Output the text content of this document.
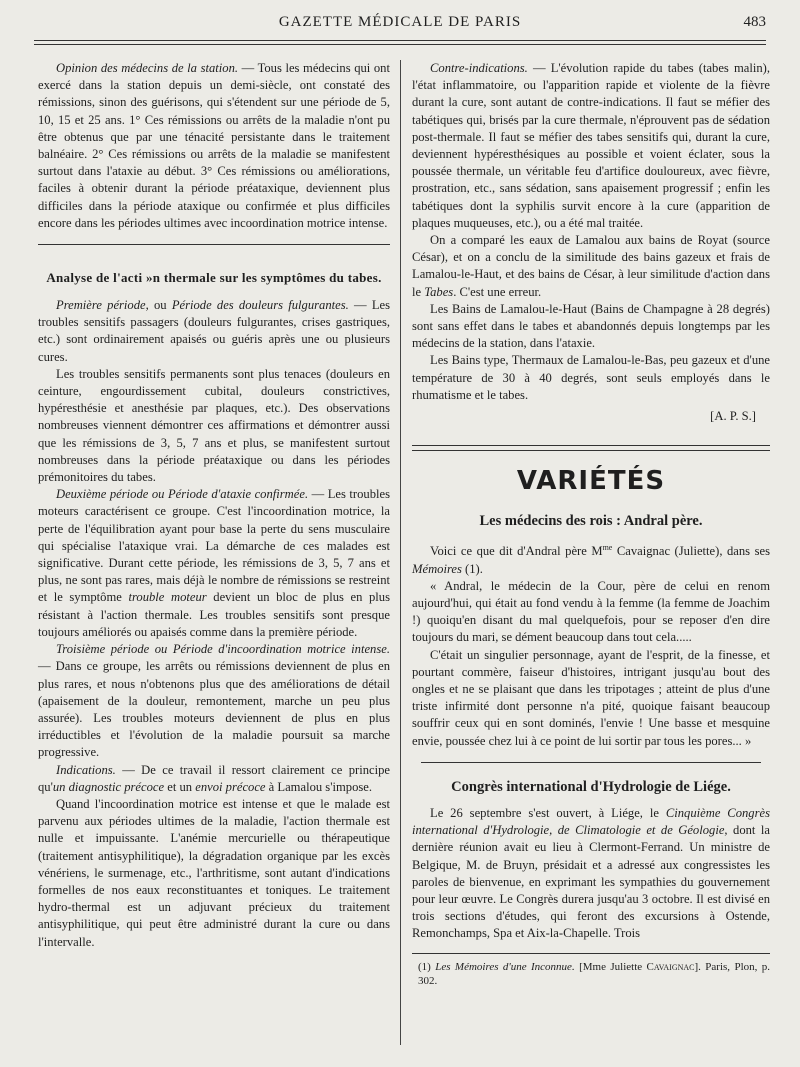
GAZETTE MÉDICALE DE PARIS	483

Opinion des médecins de la station. — Tous les médecins qui ont exercé dans la station depuis un demi-siècle, ont constaté des rémissions, sinon des guérisons, qui s'étendent sur une période de 5, 10, 15 et 25 ans. 1° Ces rémissions ou arrêts de la maladie n'ont pu être obtenus que par une ténacité persistante dans le traitement balnéaire. 2° Ces rémissions ou arrêts de la maladie se manifestent surtout dans l'ataxie au début. 3° Ces rémissions ou améliorations, faciles à obtenir durant la période préataxique, deviennent plus difficiles dans la période ataxique ou confirmée et plus difficiles encore dans les périodes ultimes avec incoordination motrice intense.

Analyse de l'acti »n thermale sur les symptômes du tabes.

Première période, ou Période des douleurs fulgurantes. — Les troubles sensitifs passagers (douleurs fulgurantes, crises gastriques, etc.) sont ordinairement apaisés ou guéris après une ou plusieurs cures.

Les troubles sensitifs permanents sont plus tenaces (douleurs en ceinture, engourdissement cubital, douleurs constrictives, hypéresthésie et anesthésie par plaques, etc.). Des observations nombreuses viennent démontrer ces affirmations et démontrer aussi que les rémissions de 3, 5, 7 ans et plus, se manifestent surtout nombreuses dans la période préataxique ou dans les périodes prémonitoires du tabes.

Deuxième période ou Période d'ataxie confirmée. — Les troubles moteurs caractérisent ce groupe. C'est l'incoordination motrice, la perte de l'équilibration ayant pour base la perte du sens musculaire qui spécialise l'ataxique vrai. La démarche de ces malades est significative. Durant cette période, les rémissions de 3, 5, 7 ans et plus, ne sont pas rares, mais déjà le nombre de rémissions se restreint et le symptôme trouble moteur devient un bloc de plus en plus résistant à l'action thermale. Les troubles sensitifs sont presque toujours améliorés ou apaisés comme dans la première période.

Troisième période ou Période d'incoordination motrice intense. — Dans ce groupe, les arrêts ou rémissions deviennent de plus en plus rares, et nous n'obtenons plus que des améliorations de détail (apaisement de la douleur, remontement, marche un peu plus assurée). Les troubles moteurs deviennent de plus en plus irréductibles et l'évolution de la maladie poursuit sa marche progressive.

Indications. — De ce travail il ressort clairement ce principe qu'un diagnostic précoce et un envoi précoce à Lamalou s'impose.

Quand l'incoordination motrice est intense et que le malade est parvenu aux périodes ultimes de la maladie, l'action thermale est nulle et impuissante. L'anémie mercurielle ou thérapeutique (traitement antisyphilitique), la dégradation organique par les excès vénériens, le surmenage, etc., l'arthritisme, sont autant d'indications formelles de nos eaux reconstituantes et toniques. Le traitement hydro-thermal est un adjuvant précieux du traitement antisyphilitique, qui peut être administré durant la cure ou dans l'intervalle.

Contre-indications. — L'évolution rapide du tabes (tabes malin), l'état inflammatoire, ou l'apparition rapide et violente de la fièvre durant la cure, sont autant de contre-indications. Il faut se méfier des tabétiques qui, brisés par la cure thermale, n'éprouvent pas de sédation post-thermale. Il faut se méfier des tabes sensitifs qui, durant la cure, deviennent hypéresthésiques au possible et voient éclater, sous la poussée thermale, un véritable feu d'artifice douloureux, avec fièvre, prostration, etc., sans sédation, sans apaisement progressif ; enfin les tabétiques dont la syphilis survit encore à la cure (apparition de plaques muqueuses, etc.), ou a été mal traitée.

On a comparé les eaux de Lamalou aux bains de Royat (source César), et on a conclu de la similitude des bains gazeux et frais de Lamalou-le-Haut, et des bains de César, à leur similitude d'action dans le Tabes. C'est une erreur.

Les Bains de Lamalou-le-Haut (Bains de Champagne à 28 degrés) sont sans effet dans le tabes et abandonnés depuis longtemps par les médecins de la station, dans l'ataxie.

Les Bains type, Thermaux de Lamalou-le-Bas, peu gazeux et d'une température de 30 à 40 degrés, sont seuls employés dans le rhumatisme et le tabes.

[A. P. S.]
VARIÉTÉS
Les médecins des rois : Andral père.

Voici ce que dit d'Andral père $M^{me}$ Cavaignac (Juliette), dans ses Mémoires (1).

« Andral, le médecin de la Cour, père de celui en renom aujourd'hui, qui était au fond vendu à la femme (la femme de Joachim !) quoiqu'en disant du mal quelquefois, pour se reposer d'en dire toujours du mari, se dément beaucoup dans tout cela.....

C'était un singulier personnage, ayant de l'esprit, de la finesse, et pourtant commère, faiseur d'histoires, intrigant jusqu'au bout des ongles et ne se plaisant que dans les tripotages ; atteint de plus d'une triste infirmité dont personne n'a pité, quoique faisant beaucoup souffrir ceux qui en sont dominés, l'envie ! Une basse et mesquine envie, poussée chez lui à ce point de lui sortir par tous les pores... »

Congrès international d'Hydrologie de Liége.

Le 26 septembre s'est ouvert, à Liége, le Cinquième Congrès international d'Hydrologie, de Climatologie et de Géologie, dont la dernière réunion avait eu lieu à Clermont-Ferrand. Un ministre de Belgique, M. de Bruyn, présidait et a adressé aux congressistes les paroles de bienvenue, en exprimant les sympathies du gouvernement pour leur œuvre. Le Congrès durera jusqu'au 3 octobre. Il est divisé en trois sections d'études, qui feront des excursions à Ostende, Remonchamps, Spa et Aix-la-Chapelle. Trois

(1) Les Mémoires d'une Inconnue. [Mme Juliette Cavaignac]. Paris, Plon, p. 302.
